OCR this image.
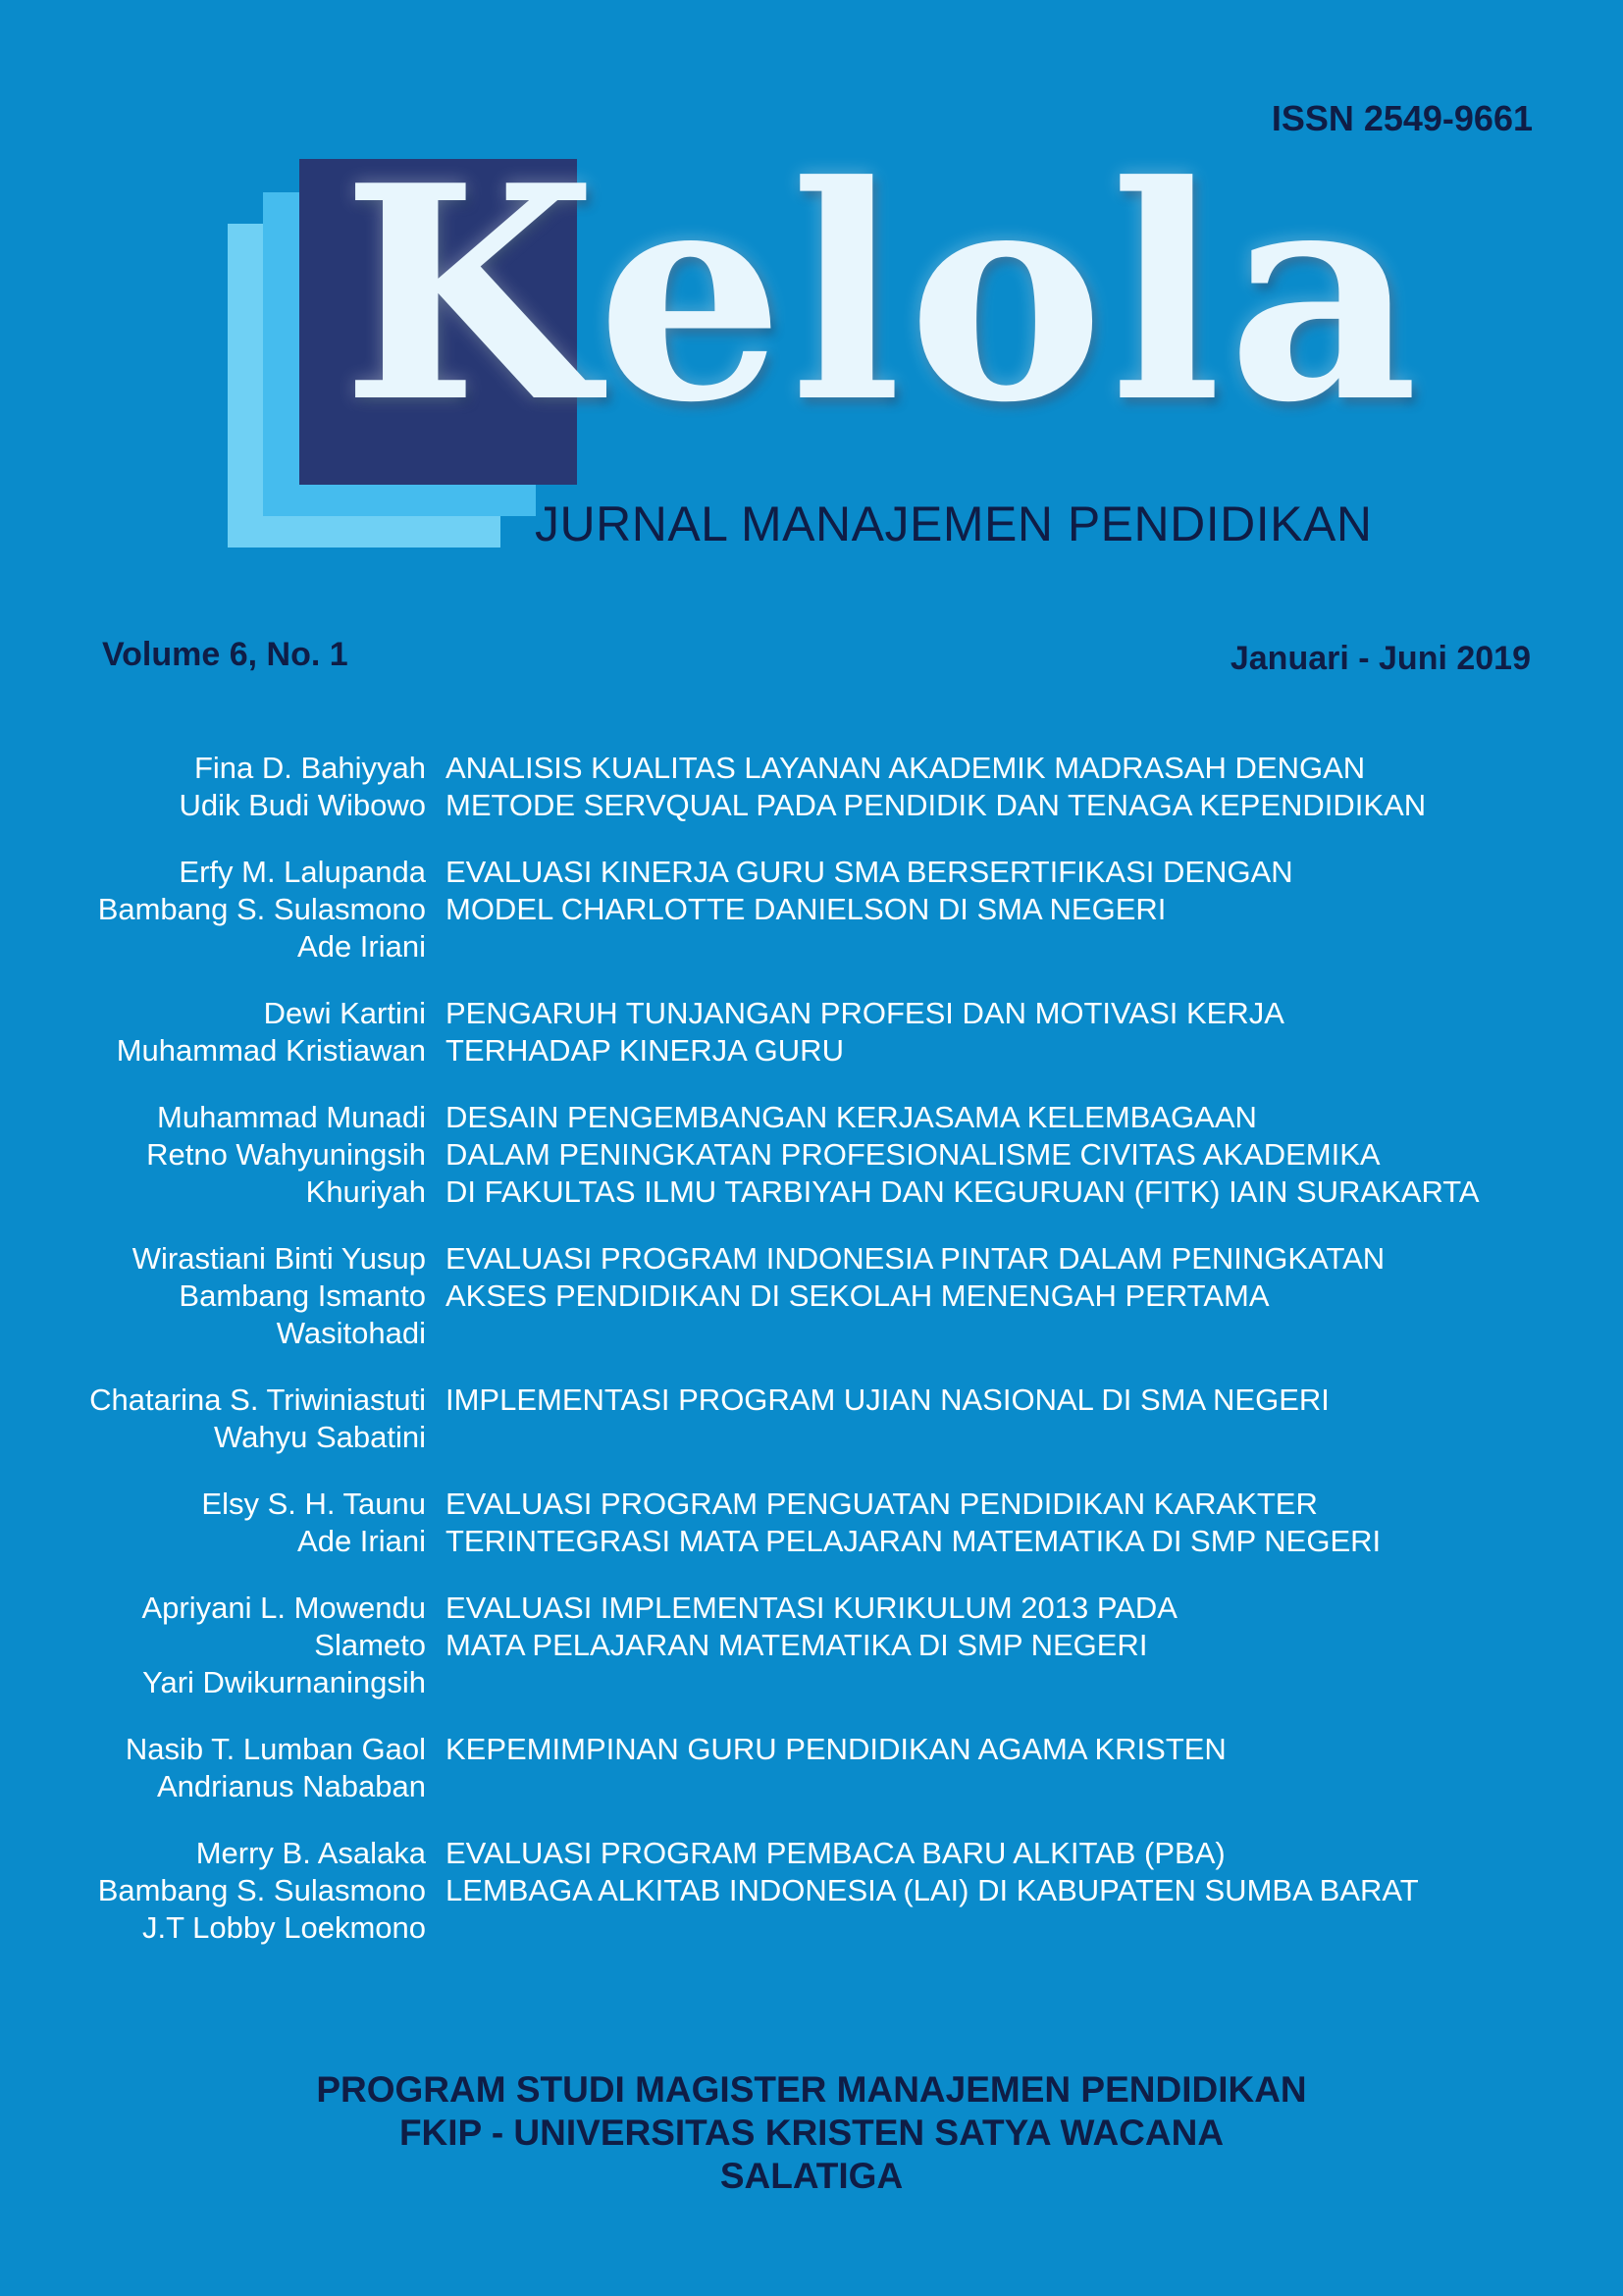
ISSN 2549-9661
Kelola
JURNAL MANAJEMEN PENDIDIKAN
Volume 6, No. 1	Januari - Juni 2019
Fina D. Bahiyyah
Udik Budi Wibowo
ANALISIS KUALITAS LAYANAN AKADEMIK MADRASAH DENGAN
METODE SERVQUAL PADA PENDIDIK DAN TENAGA KEPENDIDIKAN
Erfy M. Lalupanda
Bambang S. Sulasmono
Ade Iriani
EVALUASI KINERJA GURU SMA BERSERTIFIKASI DENGAN
MODEL CHARLOTTE DANIELSON DI SMA NEGERI
Dewi Kartini
Muhammad Kristiawan
PENGARUH TUNJANGAN PROFESI DAN MOTIVASI KERJA
TERHADAP KINERJA GURU
Muhammad Munadi
Retno Wahyuningsih
Khuriyah
DESAIN PENGEMBANGAN KERJASAMA KELEMBAGAAN
DALAM PENINGKATAN PROFESIONALISME CIVITAS AKADEMIKA
DI FAKULTAS ILMU TARBIYAH DAN KEGURUAN (FITK) IAIN SURAKARTA
Wirastiani Binti Yusup
Bambang Ismanto
Wasitohadi
EVALUASI PROGRAM INDONESIA PINTAR DALAM PENINGKATAN
AKSES PENDIDIKAN DI SEKOLAH MENENGAH PERTAMA
Chatarina S. Triwiniastuti
Wahyu Sabatini
IMPLEMENTASI PROGRAM UJIAN NASIONAL DI SMA NEGERI
Elsy S. H. Taunu
Ade Iriani
EVALUASI PROGRAM PENGUATAN PENDIDIKAN KARAKTER
TERINTEGRASI MATA PELAJARAN MATEMATIKA DI SMP NEGERI
Apriyani L. Mowendu
Slameto
Yari Dwikurnaningsih
EVALUASI IMPLEMENTASI KURIKULUM 2013 PADA
MATA PELAJARAN MATEMATIKA DI SMP NEGERI
Nasib T. Lumban Gaol
Andrianus Nababan
KEPEMIMPINAN GURU PENDIDIKAN AGAMA KRISTEN
Merry B. Asalaka
Bambang S. Sulasmono
J.T Lobby Loekmono
EVALUASI PROGRAM PEMBACA BARU ALKITAB (PBA)
LEMBAGA ALKITAB INDONESIA (LAI) DI KABUPATEN SUMBA BARAT
PROGRAM STUDI MAGISTER MANAJEMEN PENDIDIKAN
FKIP - UNIVERSITAS KRISTEN SATYA WACANA
SALATIGA
